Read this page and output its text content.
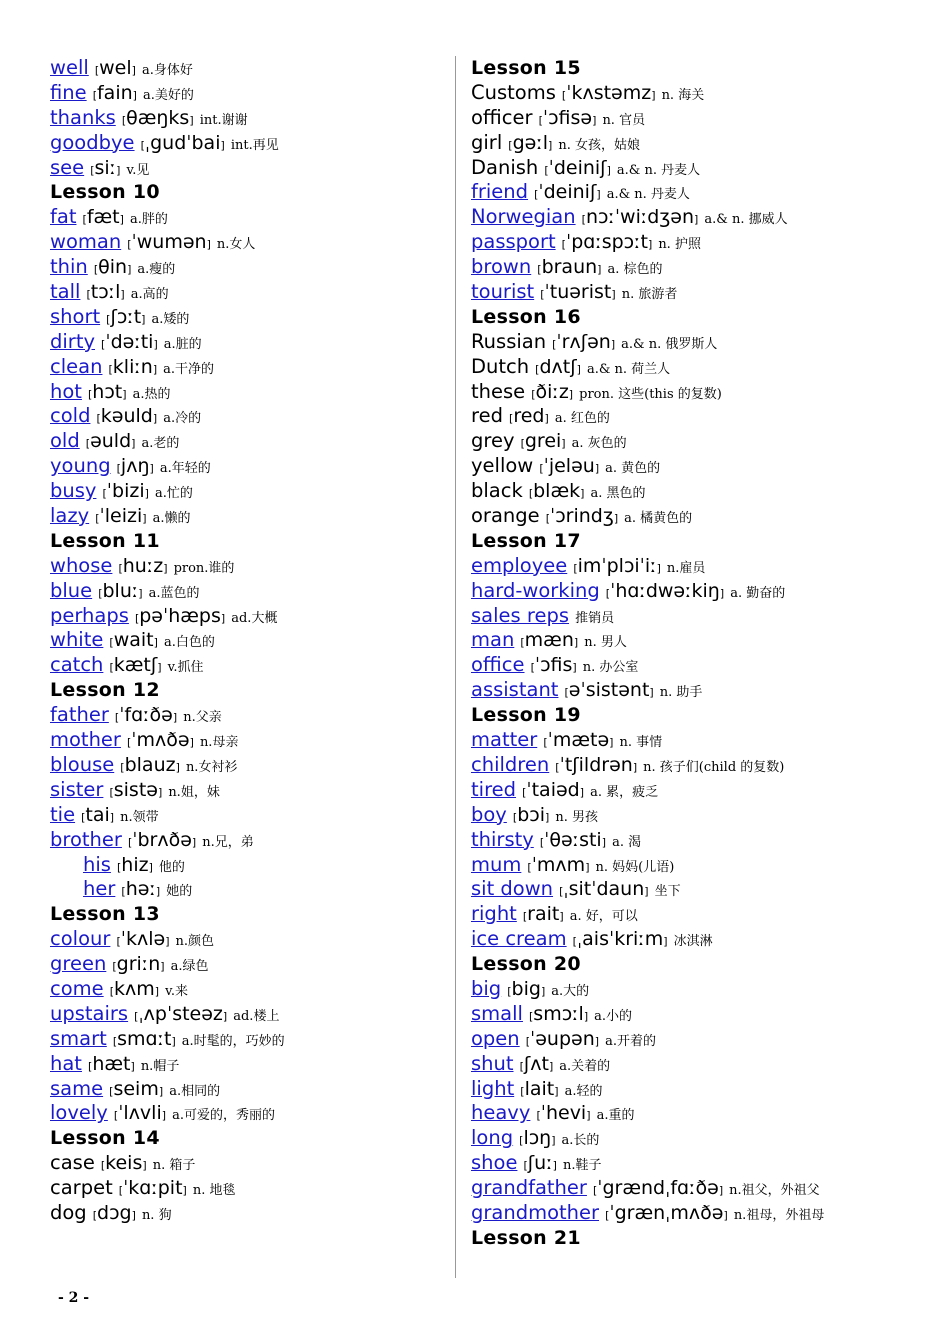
well [wel] a.身体好
fine [fain] a.美好的
thanks [θæŋks] int.谢谢
goodbye [ˌgudˈbai] int.再见
see [siː] v.见
Lesson 10
fat [fæt] a.胖的
woman [ˈwumən] n.女人
thin [θin] a.瘦的
tall [tɔːl] a.高的
short [ʃɔːt] a.矮的
dirty [ˈdəːti] a.脏的
clean [kliːn] a.干净的
hot [hɔt] a.热的
cold [kəuld] a.冷的
old [əuld] a.老的
young [jʌŋ] a.年轻的
busy [ˈbizi] a.忙的
lazy [ˈleizi] a.懒的
Lesson 11
whose [huːz] pron.谁的
blue [bluː] a.蓝色的
perhaps [pəˈhæps] ad.大概
white [wait] a.白色的
catch [kætʃ] v.抓住
Lesson 12
father [ˈfɑːðə] n.父亲
mother [ˈmʌðə] n.母亲
blouse [blauz] n.女衬衫
sister [sistə] n.姐，妹
tie [tai] n.领带
brother [ˈbrʌðə] n.兄，弟
his [hiz] 他的
her [həː] 她的
Lesson 13
colour [ˈkʌlə] n.颜色
green [griːn] a.绿色
come [kʌm] v.来
upstairs [ˌʌpˈsteəz] ad.楼上
smart [smɑːt] a.时髦的，巧妙的
hat [hæt] n.帽子
same [seim] a.相同的
lovely [ˈlʌvli] a.可爱的，秀丽的
Lesson 14
case [keis] n. 箱子
carpet [ˈkɑːpit] n. 地毯
dog [dɔg] n. 狗
Lesson 15
Customs [ˈkʌstəmz] n. 海关
officer [ˈɔfisə] n. 官员
girl [gəːl] n. 女孩，姑娘
Danish [ˈdeiniʃ] a.& n. 丹麦人
friend [ˈdeiniʃ] a.& n. 丹麦人
Norwegian [nɔːˈwiːdʒən] a.& n. 挪威人
passport [ˈpɑːspɔːt] n. 护照
brown [braun] a. 棕色的
tourist [ˈtuərist] n. 旅游者
Lesson 16
Russian [ˈrʌʃən] a.& n. 俄罗斯人
Dutch [dʌtʃ] a.& n. 荷兰人
these [ðiːz] pron. 这些(this 的复数)
red [red] a. 红色的
grey [grei] a. 灰色的
yellow [ˈjeləu] a. 黄色的
black [blæk] a. 黑色的
orange [ˈɔrindʒ] a. 橘黄色的
Lesson 17
employee [imˈplɔiˈiː] n.雇员
hard-working [ˈhɑːdwəːkiŋ] a. 勤奋的
sales reps 推销员
man [mæn] n. 男人
office [ˈɔfis] n. 办公室
assistant [əˈsistənt] n. 助手
Lesson 19
matter [ˈmætə] n. 事情
children [ˈtʃildrən] n. 孩子们(child 的复数)
tired [ˈtaiəd] a. 累，疲乏
boy [bɔi] n. 男孩
thirsty [ˈθəːsti] a. 渴
mum [ˈmʌm] n. 妈妈(儿语)
sit down [ˌsitˈdaun] 坐下
right [rait] a. 好，可以
ice cream [ˌaisˈkriːm] 冰淇淋
Lesson 20
big [big] a.大的
small [smɔːl] a.小的
open [ˈəupən] a.开着的
shut [ʃʌt] a.关着的
light [lait] a.轻的
heavy [ˈhevi] a.重的
long [lɔŋ] a.长的
shoe [ʃuː] n.鞋子
grandfather [ˈgrændˌfɑːðə] n.祖父，外祖父
grandmother [ˈgrænˌmʌðə] n.祖母，外祖母
Lesson 21
- 2 -
